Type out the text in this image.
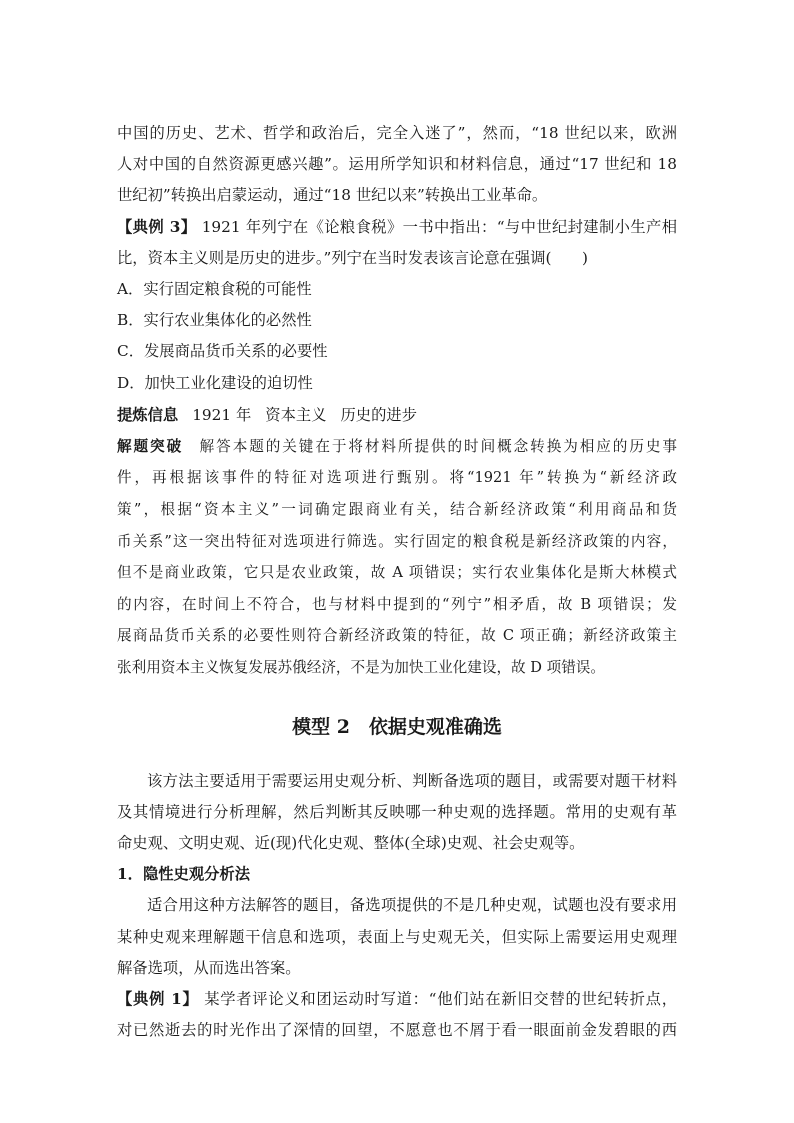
中国的历史、艺术、哲学和政治后，完全入迷了”，然而，“18 世纪以来，欧洲

人对中国的自然资源更感兴趣”。运用所学知识和材料信息，通过“17 世纪和 18

世纪初”转换出启蒙运动，通过“18 世纪以来”转换出工业革命。

【典例 3】 1921 年列宁在《论粮食税》一书中指出：“与中世纪封建制小生产相

比，资本主义则是历史的进步。”列宁在当时发表该言论意在强调(　　)

A．实行固定粮食税的可能性

B．实行农业集体化的必然性

C．发展商品货币关系的必要性

D．加快工业化建设的迫切性

提炼信息 1921 年 资本主义 历史的进步

解题突破　解答本题的关键在于将材料所提供的时间概念转换为相应的历史事

件，再根据该事件的特征对选项进行甄别。将“1921 年”转换为“新经济政

策”，根据“资本主义”一词确定跟商业有关，结合新经济政策“利用商品和货

币关系”这一突出特征对选项进行筛选。实行固定的粮食税是新经济政策的内容，

但不是商业政策，它只是农业政策，故 A 项错误；实行农业集体化是斯大林模式

的内容，在时间上不符合，也与材料中提到的“列宁”相矛盾，故 B 项错误；发

展商品货币关系的必要性则符合新经济政策的特征，故 C 项正确；新经济政策主

张利用资本主义恢复发展苏俄经济，不是为加快工业化建设，故 D 项错误。

模型 2　依据史观准确选

该方法主要适用于需要运用史观分析、判断备选项的题目，或需要对题干材料

及其情境进行分析理解，然后判断其反映哪一种史观的选择题。常用的史观有革

命史观、文明史观、近(现)代化史观、整体(全球)史观、社会史观等。

1．隐性史观分析法

适合用这种方法解答的题目，备选项提供的不是几种史观，试题也没有要求用

某种史观来理解题干信息和选项，表面上与史观无关，但实际上需要运用史观理

解备选项，从而选出答案。

【典例 1】 某学者评论义和团运动时写道：“他们站在新旧交替的世纪转折点，

对已然逝去的时光作出了深情的回望，不愿意也不屑于看一眼面前金发碧眼的西
